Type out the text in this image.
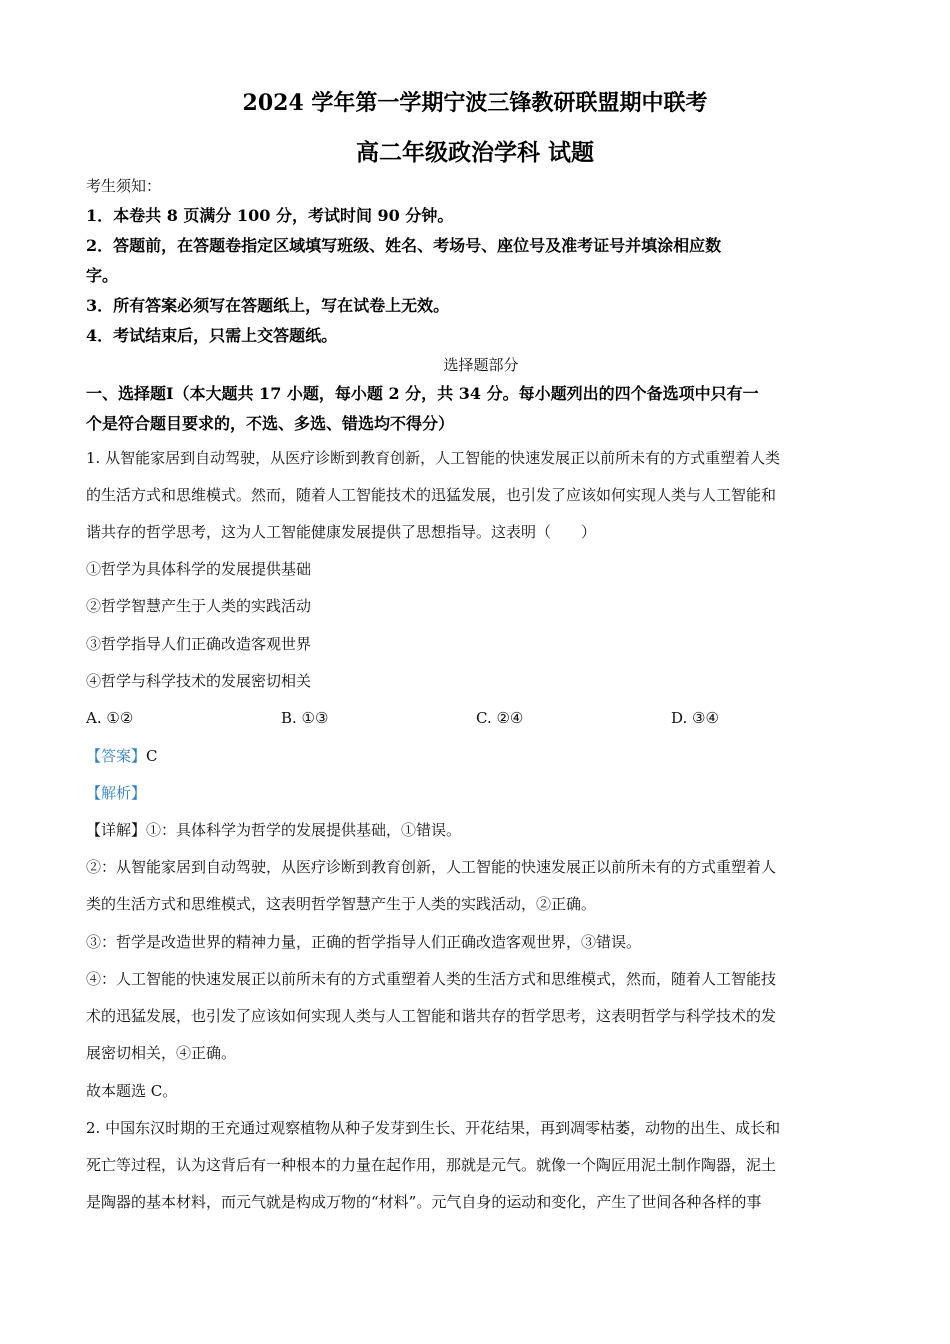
2024 学年第一学期宁波三锋教研联盟期中联考
高二年级政治学科 试题
考生须知：
1．本卷共 8 页满分 100 分，考试时间 90 分钟。
2．答题前，在答题卷指定区域填写班级、姓名、考场号、座位号及准考证号并填涂相应数
字。
3．所有答案必须写在答题纸上，写在试卷上无效。
4．考试结束后，只需上交答题纸。
选择题部分
一、选择题I（本大题共 17 小题，每小题 2 分，共 34 分。每小题列出的四个备选项中只有一
个是符合题目要求的，不选、多选、错选均不得分）
1. 从智能家居到自动驾驶，从医疗诊断到教育创新，人工智能的快速发展正以前所未有的方式重塑着人类
的生活方式和思维模式。然而，随着人工智能技术的迅猛发展，也引发了应该如何实现人类与人工智能和
谐共存的哲学思考，这为人工智能健康发展提供了思想指导。这表明（　　）
①哲学为具体科学的发展提供基础
②哲学智慧产生于人类的实践活动
③哲学指导人们正确改造客观世界
④哲学与科学技术的发展密切相关
A. ①②	B. ①③	C. ②④	D. ③④
【答案】C
【解析】
【详解】①：具体科学为哲学的发展提供基础，①错误。
②：从智能家居到自动驾驶，从医疗诊断到教育创新，人工智能的快速发展正以前所未有的方式重塑着人
类的生活方式和思维模式，这表明哲学智慧产生于人类的实践活动，②正确。
③：哲学是改造世界的精神力量，正确的哲学指导人们正确改造客观世界，③错误。
④：人工智能的快速发展正以前所未有的方式重塑着人类的生活方式和思维模式，然而，随着人工智能技
术的迅猛发展，也引发了应该如何实现人类与人工智能和谐共存的哲学思考，这表明哲学与科学技术的发
展密切相关，④正确。
故本题选 C。
2. 中国东汉时期的王充通过观察植物从种子发芽到生长、开花结果，再到凋零枯萎，动物的出生、成长和
死亡等过程，认为这背后有一种根本的力量在起作用，那就是元气。就像一个陶匠用泥土制作陶器，泥土
是陶器的基本材料，而元气就是构成万物的“材料”。元气自身的运动和变化，产生了世间各种各样的事
